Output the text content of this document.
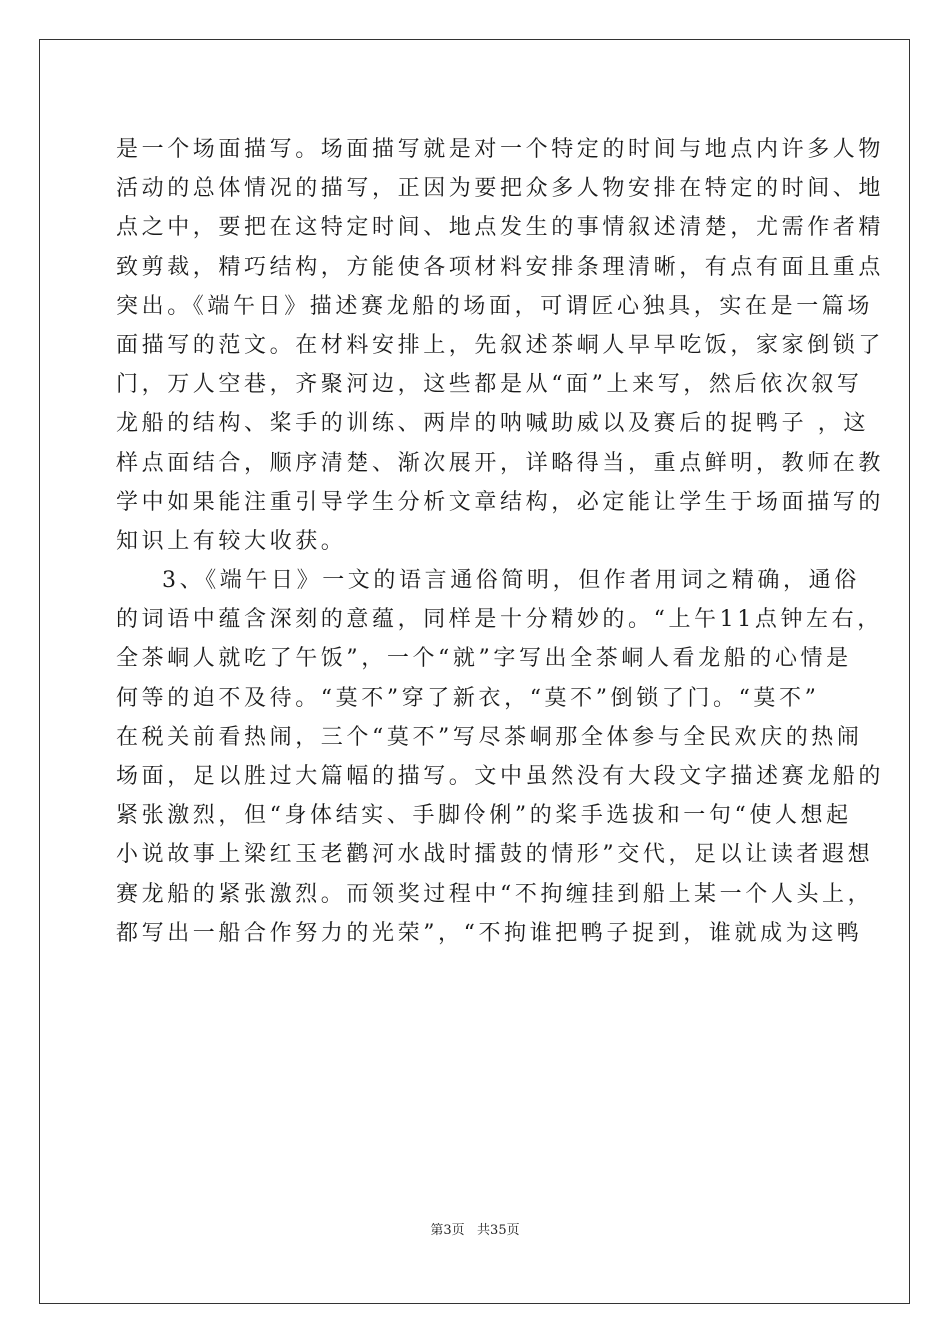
是一个场面描写。场面描写就是对一个特定的时间与地点内许多人物
活动的总体情况的描写，正因为要把众多人物安排在特定的时间、地
点之中，要把在这特定时间、地点发生的事情叙述清楚，尤需作者精
致剪裁，精巧结构，方能使各项材料安排条理清晰，有点有面且重点
突出。《端午日》描述赛龙船的场面，可谓匠心独具，实在是一篇场
面描写的范文。在材料安排上，先叙述茶峒人早早吃饭，家家倒锁了
门，万人空巷，齐聚河边，这些都是从“面”上来写，然后依次叙写
龙船的结构、桨手的训练、两岸的呐喊助威以及赛后的捉鸭子 ，这
样点面结合，顺序清楚、渐次展开，详略得当，重点鲜明，教师在教
学中如果能注重引导学生分析文章结构，必定能让学生于场面描写的
知识上有较大收获。
3、《端午日》一文的语言通俗简明，但作者用词之精确，通俗
的词语中蕴含深刻的意蕴，同样是十分精妙的。“上午11点钟左右，
全茶峒人就吃了午饭”，一个“就”字写出全茶峒人看龙船的心情是
何等的迫不及待。“莫不”穿了新衣，“莫不”倒锁了门。“莫不”
在税关前看热闹，三个“莫不”写尽茶峒那全体参与全民欢庆的热闹
场面，足以胜过大篇幅的描写。文中虽然没有大段文字描述赛龙船的
紧张激烈，但“身体结实、手脚伶俐”的桨手选拔和一句“使人想起
小说故事上梁红玉老鹳河水战时擂鼓的情形”交代，足以让读者遐想
赛龙船的紧张激烈。而领奖过程中“不拘缠挂到船上某一个人头上，
都写出一船合作努力的光荣”，“不拘谁把鸭子捉到，谁就成为这鸭
第3页   共35页
